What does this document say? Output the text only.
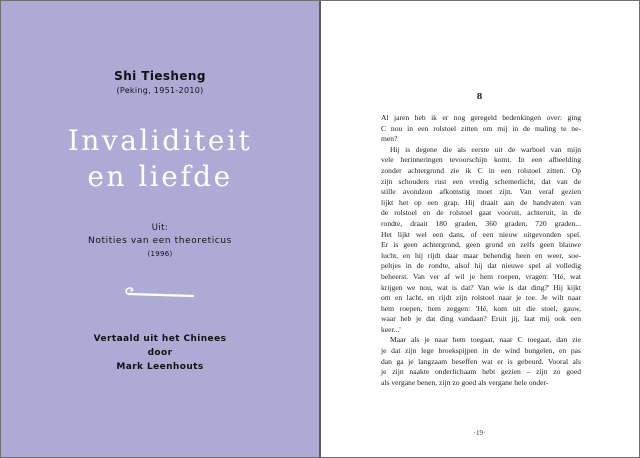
Shi Tiesheng
(Peking, 1951-2010)
Invaliditeit
en liefde
Uit:
Notities van een theoreticus
(1996)
Vertaald uit het Chinees
door
Mark Leenhouts
8
Al jaren heb ik er nog geregeld bedenkingen over: ging
C nou in een rolstoel zitten om mij in de maling te ne-
men?
Hij is degene die als eerste uit de warboel van mijn
vele herinneringen tevoorschijn komt. In een afbeelding
zonder achtergrond zie ik C in een rolstoel zitten. Op
zijn schouders rust een vredig schemerlicht, dat van de
stille avondzon afkomstig moet zijn. Van veraf gezien
lijkt het op een grap. Hij draait aan de handvaten van
de rolstoel en de rolstoel gaat vooruit, achteruit, in de
rondte, draait 180 graden, 360 graden, 720 graden...
Het lijkt wel een dans, of een nieuw uitgevonden spel.
Er is geen achtergrond, geen grond en zelfs geen blauwe
lucht, en hij rijdt daar maar behendig heen en weer, soe-
peltjes in de rondte, alsof hij dat nieuwe spel al volledig
beheerst. Van ver af wil je hem roepen, vragen: 'Hé, wat
krijgen we nou, wat is dat? Van wie is dat ding?' Hij kijkt
om en lacht, en rijdt zijn rolstoel naar je toe. Je wilt naar
hem roepen, hem zeggen: 'Hé, kom uit die stoel, gauw,
waar heb je dat ding vandaan? Eruit jij, laat mij ook een
keer...'
Maar als je naar hem toegaat, naar C toegaat, dan zie
je dat zijn lege broekspijpen in de wind bungelen, en pas
dan ga je langzaam beseffen wat er is gebeurd. Vooral als
je zijn naakte onderlichaam hebt gezien – zijn zo goed
als vergane benen, zijn zo goed als vergane hele onder-
·19·
